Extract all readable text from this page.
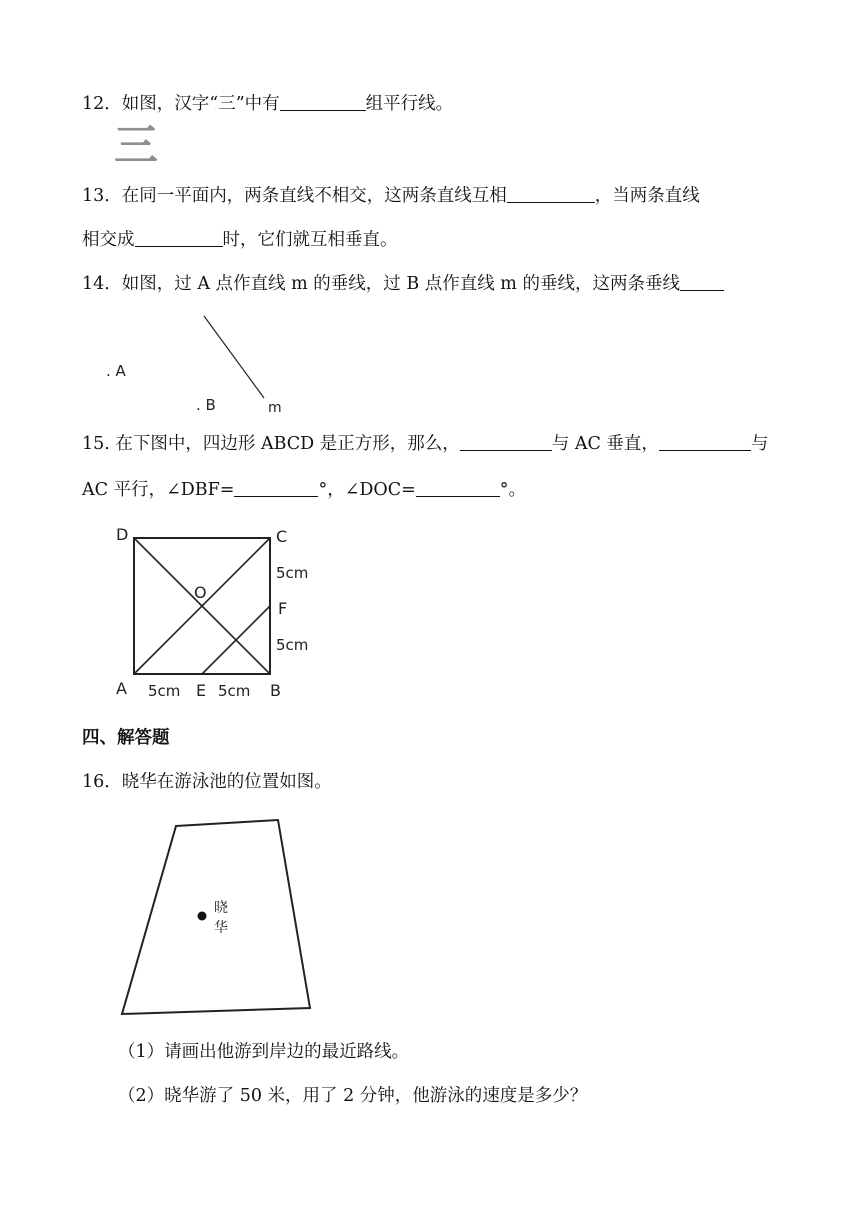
12．如图，汉字“三”中有	组平行线。
三
13．在同一平面内，两条直线不相交，这两条直线互相	，当两条直线
相交成	时，它们就互相垂直。
14．如图，过 A 点作直线 m 的垂线，过 B 点作直线 m 的垂线，这两条垂线
. A
. B	m
15. 在下图中，四边形 ABCD 是正方形，那么，	与 AC 垂直，	与
AC 平行，∠DBF=	°，∠DOC=	°。
D	C
O
F
5cm
5cm
A 5cm E 5cm B
四、解答题
16．晓华在游泳池的位置如图。
晓
华
（1）请画出他游到岸边的最近路线。
（2）晓华游了 50 米，用了 2 分钟，他游泳的速度是多少？
